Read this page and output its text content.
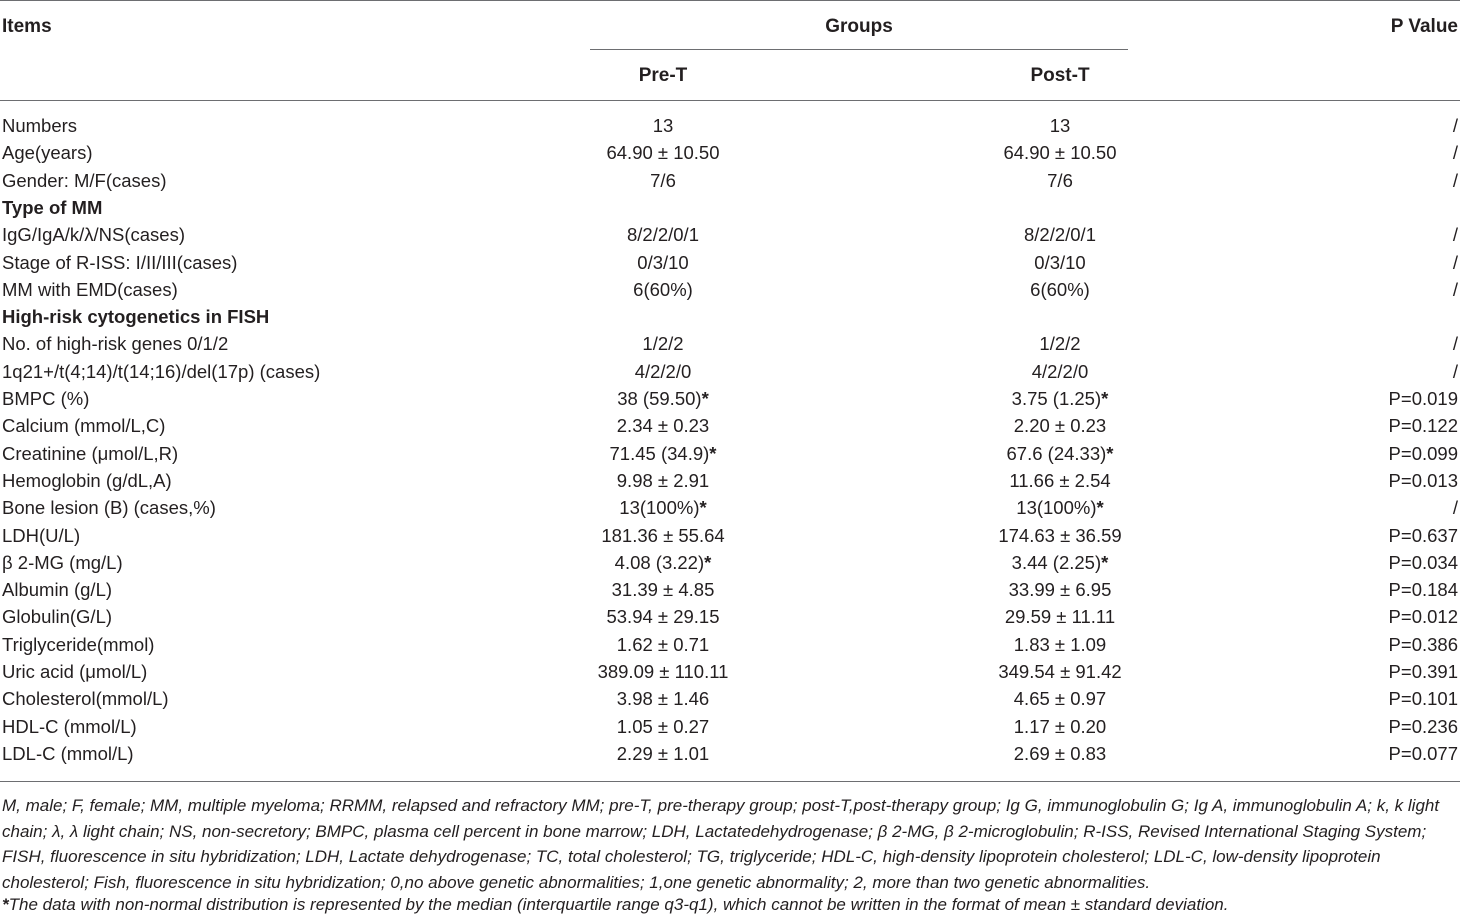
Items	Groups	P Value
Pre-T	Post-T
Numbers	13	13	/
Age(years)	64.90 ± 10.50	64.90 ± 10.50	/
Gender: M/F(cases)	7/6	7/6	/
Type of MM
IgG/IgA/k/λ/NS(cases)	8/2/2/0/1	8/2/2/0/1	/
Stage of R-ISS: I/II/III(cases)	0/3/10	0/3/10	/
MM with EMD(cases)	6(60%)	6(60%)	/
High-risk cytogenetics in FISH
No. of high-risk genes 0/1/2	1/2/2	1/2/2	/
1q21+/t(4;14)/t(14;16)/del(17p) (cases)	4/2/2/0	4/2/2/0	/
BMPC (%)	38 (59.50)*	3.75 (1.25)*	P=0.019
Calcium (mmol/L,C)	2.34 ± 0.23	2.20 ± 0.23	P=0.122
Creatinine (μmol/L,R)	71.45 (34.9)*	67.6 (24.33)*	P=0.099
Hemoglobin (g/dL,A)	9.98 ± 2.91	11.66 ± 2.54	P=0.013
Bone lesion (B) (cases,%)	13(100%)*	13(100%)*	/
LDH(U/L)	181.36 ± 55.64	174.63 ± 36.59	P=0.637
β 2-MG (mg/L)	4.08 (3.22)*	3.44 (2.25)*	P=0.034
Albumin (g/L)	31.39 ± 4.85	33.99 ± 6.95	P=0.184
Globulin(G/L)	53.94 ± 29.15	29.59 ± 11.11	P=0.012
Triglyceride(mmol)	1.62 ± 0.71	1.83 ± 1.09	P=0.386
Uric acid (μmol/L)	389.09 ± 110.11	349.54 ± 91.42	P=0.391
Cholesterol(mmol/L)	3.98 ± 1.46	4.65 ± 0.97	P=0.101
HDL-C (mmol/L)	1.05 ± 0.27	1.17 ± 0.20	P=0.236
LDL-C (mmol/L)	2.29 ± 1.01	2.69 ± 0.83	P=0.077
M, male; F, female; MM, multiple myeloma; RRMM, relapsed and refractory MM; pre-T, pre-therapy group; post-T,post-therapy group; Ig G, immunoglobulin G; Ig A, immunoglobulin A; k, k light chain; λ, λ light chain; NS, non-secretory; BMPC, plasma cell percent in bone marrow; LDH, Lactatedehydrogenase; β 2-MG, β 2-microglobulin; R-ISS, Revised International Staging System; FISH, fluorescence in situ hybridization; LDH, Lactate dehydrogenase; TC, total cholesterol; TG, triglyceride; HDL-C, high-density lipoprotein cholesterol; LDL-C, low-density lipoprotein cholesterol; Fish, fluorescence in situ hybridization; 0,no above genetic abnormalities; 1,one genetic abnormality; 2, more than two genetic abnormalities.
*The data with non-normal distribution is represented by the median (interquartile range q3-q1), which cannot be written in the format of mean ± standard deviation.
